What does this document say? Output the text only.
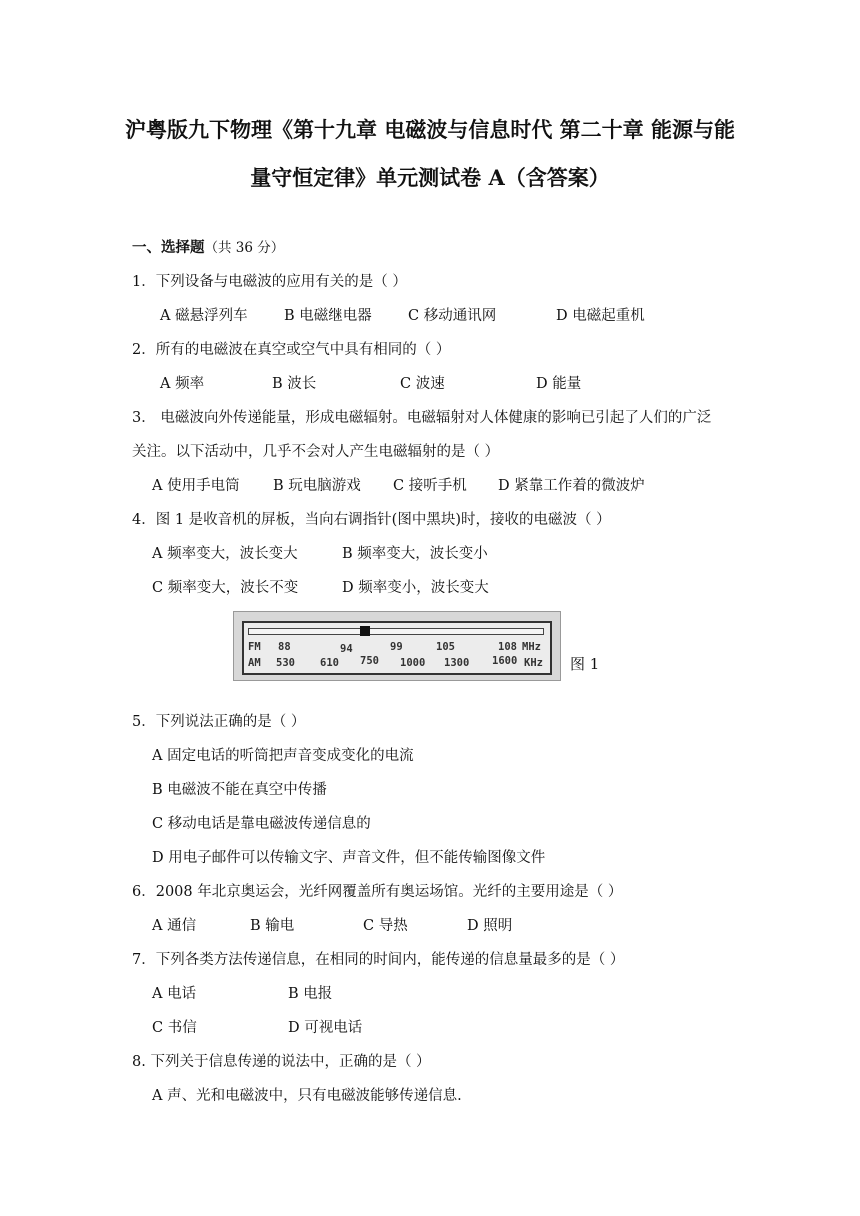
沪粤版九下物理《第十九章 电磁波与信息时代 第二十章 能源与能
量守恒定律》单元测试卷 A（含答案）
一、选择题（共 36 分）
1．下列设备与电磁波的应用有关的是（ ）
A 磁悬浮列车	B 电磁继电器 C 移动通讯网	D 电磁起重机
2．所有的电磁波在真空或空气中具有相同的（ ）
A 频率	B 波长	C 波速	D 能量
3． 电磁波向外传递能量，形成电磁辐射。电磁辐射对人体健康的影响已引起了人们的广泛
关注。以下活动中，几乎不会对人产生电磁辐射的是（ ）
A 使用手电筒 B 玩电脑游戏 C 接听手机 D 紧靠工作着的微波炉
4．图 1 是收音机的屏板，当向右调指针(图中黑块)时，接收的电磁波（ ）
A 频率变大，波长变大	B 频率变大，波长变小
C 频率变大，波长不变	D 频率变小，波长变大
FM 88	94	99	105	108 MHz
AM 530 610 750 1000 1300 1600 KHz 图 1
5．下列说法正确的是（ ）
A 固定电话的听筒把声音变成变化的电流
B 电磁波不能在真空中传播
C 移动电话是靠电磁波传递信息的
D 用电子邮件可以传输文字、声音文件，但不能传输图像文件
6．2008 年北京奥运会，光纤网覆盖所有奥运场馆。光纤的主要用途是（ ）
A 通信	B 输电	C 导热	D 照明
7．下列各类方法传递信息，在相同的时间内，能传递的信息量最多的是（ ）
A 电话	B 电报
C 书信	D 可视电话
8. 下列关于信息传递的说法中，正确的是（ ）
A 声、光和电磁波中，只有电磁波能够传递信息.
